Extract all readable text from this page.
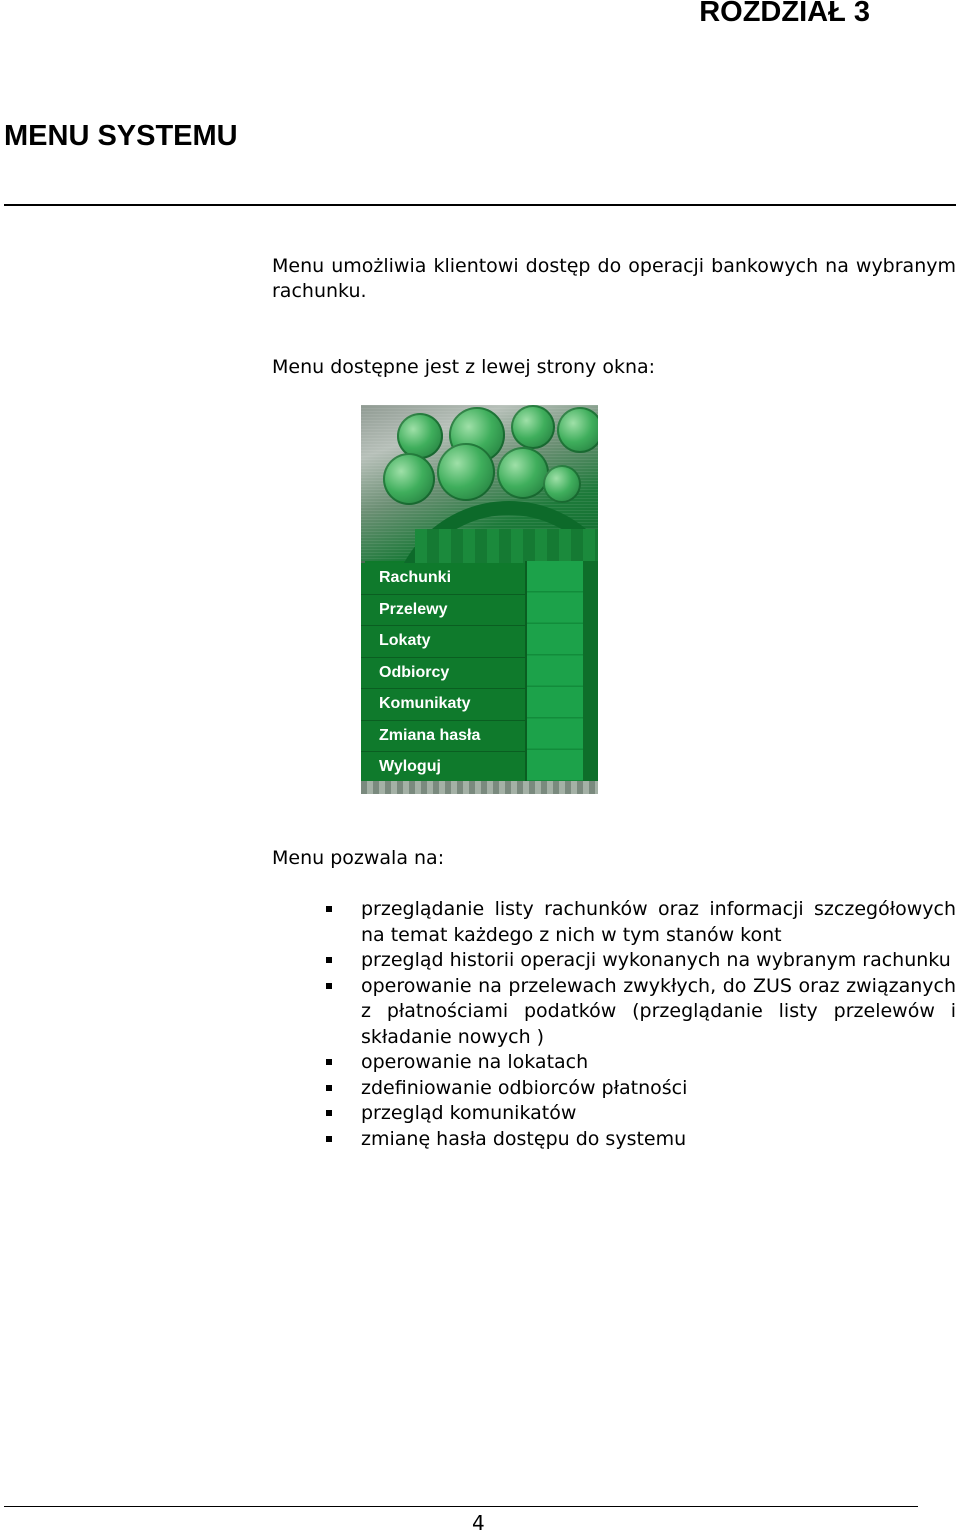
ROZDZIAŁ 3
MENU SYSTEMU

Menu umożliwia klientowi dostęp do operacji bankowych na wybranym rachunku.

Menu dostępne jest z lewej strony okna:

Rachunki
Przelewy
Lokaty
Odbiorcy
Komunikaty
Zmiana hasła
Wyloguj

Menu pozwala na:

przeglądanie listy rachunków oraz informacji szczegółowych na temat każdego z nich w tym stanów kont
przegląd historii operacji wykonanych na wybranym rachunku
operowanie na przelewach zwykłych, do ZUS oraz związanych z płatnościami podatków (przeglądanie listy przelewów i składanie nowych )
operowanie na lokatach
zdefiniowanie odbiorców płatności
przegląd komunikatów
zmianę hasła dostępu do systemu
4
